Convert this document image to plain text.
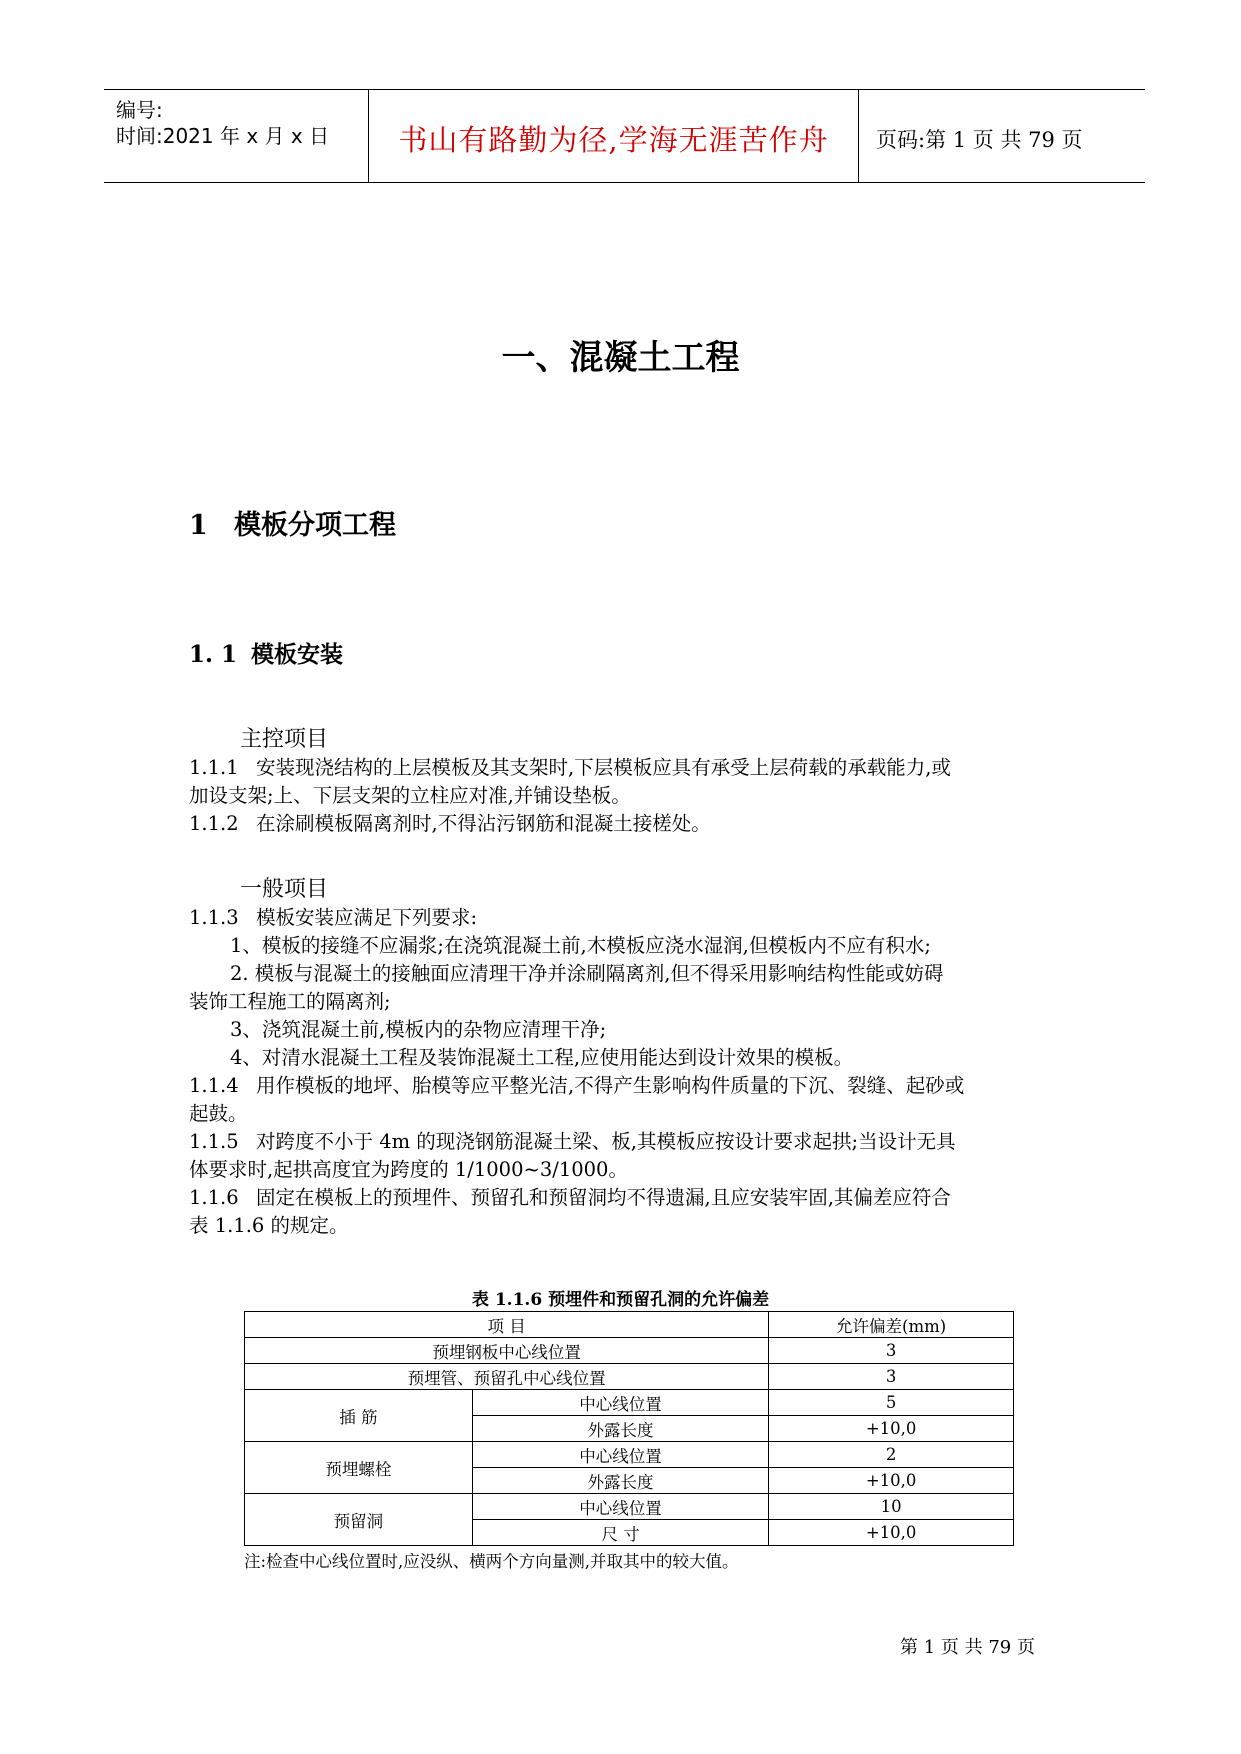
编号:
时间:2021 年 x 月 x 日	书山有路勤为径,学海无涯苦作舟	页码:第 1 页 共 79 页
一、混凝土工程
1 模板分项工程
1. 1 模板安装
主控项目
1.1.1 安装现浇结构的上层模板及其支架时,下层模板应具有承受上层荷载的承载能力,或
加设支架;上、下层支架的立柱应对准,并铺设垫板。
1.1.2 在涂刷模板隔离剂时,不得沾污钢筋和混凝土接槎处。
一般项目
1.1.3 模板安装应满足下列要求:
1、模板的接缝不应漏浆;在浇筑混凝土前,木模板应浇水湿润,但模板内不应有积水;
2. 模板与混凝土的接触面应清理干净并涂刷隔离剂,但不得采用影响结构性能或妨碍
装饰工程施工的隔离剂;
3、浇筑混凝土前,模板内的杂物应清理干净;
4、对清水混凝土工程及装饰混凝土工程,应使用能达到设计效果的模板。
1.1.4 用作模板的地坪、胎模等应平整光洁,不得产生影响构件质量的下沉、裂缝、起砂或
起鼓。
1.1.5 对跨度不小于 4m 的现浇钢筋混凝土梁、板,其模板应按设计要求起拱;当设计无具
体要求时,起拱高度宜为跨度的 1/1000~3/1000。
1.1.6 固定在模板上的预埋件、预留孔和预留洞均不得遗漏,且应安装牢固,其偏差应符合
表 1.1.6 的规定。
表 1.1.6 预埋件和预留孔洞的允许偏差
项 目		允许偏差(mm)
预埋钢板中心线位置		3
预埋管、预留孔中心线位置		3
插 筋	中心线位置	5
	外露长度	+10,0
预埋螺栓	中心线位置	2
	外露长度	+10,0
预留洞	中心线位置	10
	尺 寸	+10,0
注:检查中心线位置时,应没纵、横两个方向量测,并取其中的较大值。
第 1 页 共 79 页
